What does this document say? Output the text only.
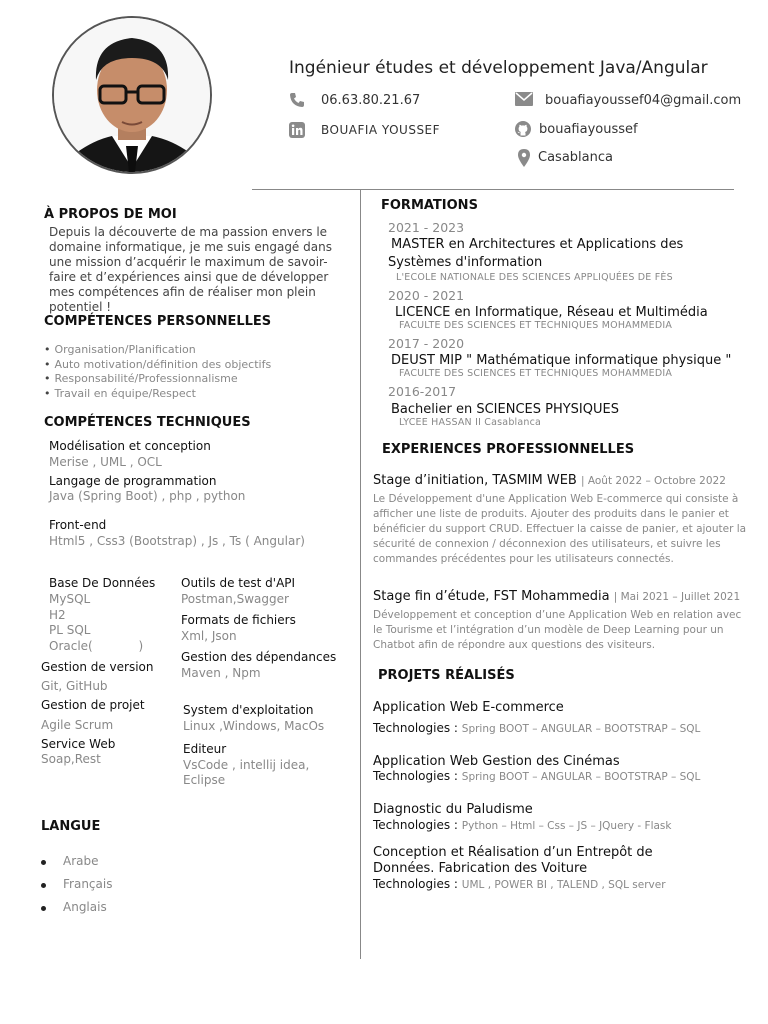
Ingénieur études et développement Java/Angular
06.63.80.21.67
BOUAFIA YOUSSEF
bouafiayoussef04@gmail.com
bouafiayoussef
Casablanca
À PROPOS DE MOI
Depuis la découverte de ma passion envers le domaine informatique, je me suis engagé dans une mission d’acquérir le maximum de savoir-faire et d’expériences ainsi que de développer mes compétences afin de réaliser mon plein potentiel !
COMPÉTENCES PERSONNELLES
• Organisation/Planification
• Auto motivation/définition des objectifs
• Responsabilité/Professionnalisme
• Travail en équipe/Respect
COMPÉTENCES TECHNIQUES
Modélisation et conception
Merise , UML , OCL
Langage de programmation
Java (Spring Boot) , php , python
Front-end
Html5 , Css3 (Bootstrap) , Js , Ts ( Angular)
Base De Données
MySQL
H2
PL SQL
Oracle(            )
Gestion de version
Git, GitHub
Gestion de projet
Agile Scrum
Service Web
Soap,Rest
Outils de test d'API
Postman,Swagger
Formats de fichiers
Xml, Json
Gestion des dépendances
Maven , Npm
System d'exploitation
Linux ,Windows, MacOs
Editeur
VsCode , intellij idea,
Eclipse
LANGUE
Arabe
Français
Anglais
FORMATIONS
2021 - 2023
MASTER en Architectures et Applications des Systèmes d'information
L'ECOLE NATIONALE DES SCIENCES APPLIQUÉES DE FÈS
2020 - 2021
LICENCE en Informatique, Réseau et Multimédia
FACULTE DES SCIENCES ET TECHNIQUES MOHAMMEDIA
2017 - 2020
DEUST MIP " Mathématique informatique physique "
FACULTE DES SCIENCES ET TECHNIQUES MOHAMMEDIA
2016-2017
Bachelier en SCIENCES PHYSIQUES
LYCEE HASSAN II Casablanca
EXPERIENCES PROFESSIONNELLES
Stage d’initiation, TASMIM WEB | Août 2022 – Octobre 2022
Le Développement d'une Application Web E-commerce qui consiste à afficher une liste de produits. Ajouter des produits dans le panier et bénéficier du support CRUD. Effectuer la caisse de panier, et ajouter la sécurité de connexion / déconnexion des utilisateurs, et suivre les commandes précédentes pour les utilisateurs connectés.
Stage fin d’étude, FST Mohammedia | Mai 2021 – Juillet 2021
Développement et conception d’une Application Web en relation avec le Tourisme et l’intégration d’un modèle de Deep Learning pour un Chatbot afin de répondre aux questions des visiteurs.
PROJETS RÉALISÉS
Application Web E-commerce
Technologies : Spring BOOT – ANGULAR – BOOTSTRAP – SQL
Application Web Gestion des Cinémas
Technologies : Spring BOOT – ANGULAR – BOOTSTRAP – SQL
Diagnostic du Paludisme
Technologies : Python – Html – Css – JS – JQuery - Flask
Conception et Réalisation d’un Entrepôt de Données. Fabrication des Voiture
Technologies : UML , POWER BI , TALEND , SQL server
